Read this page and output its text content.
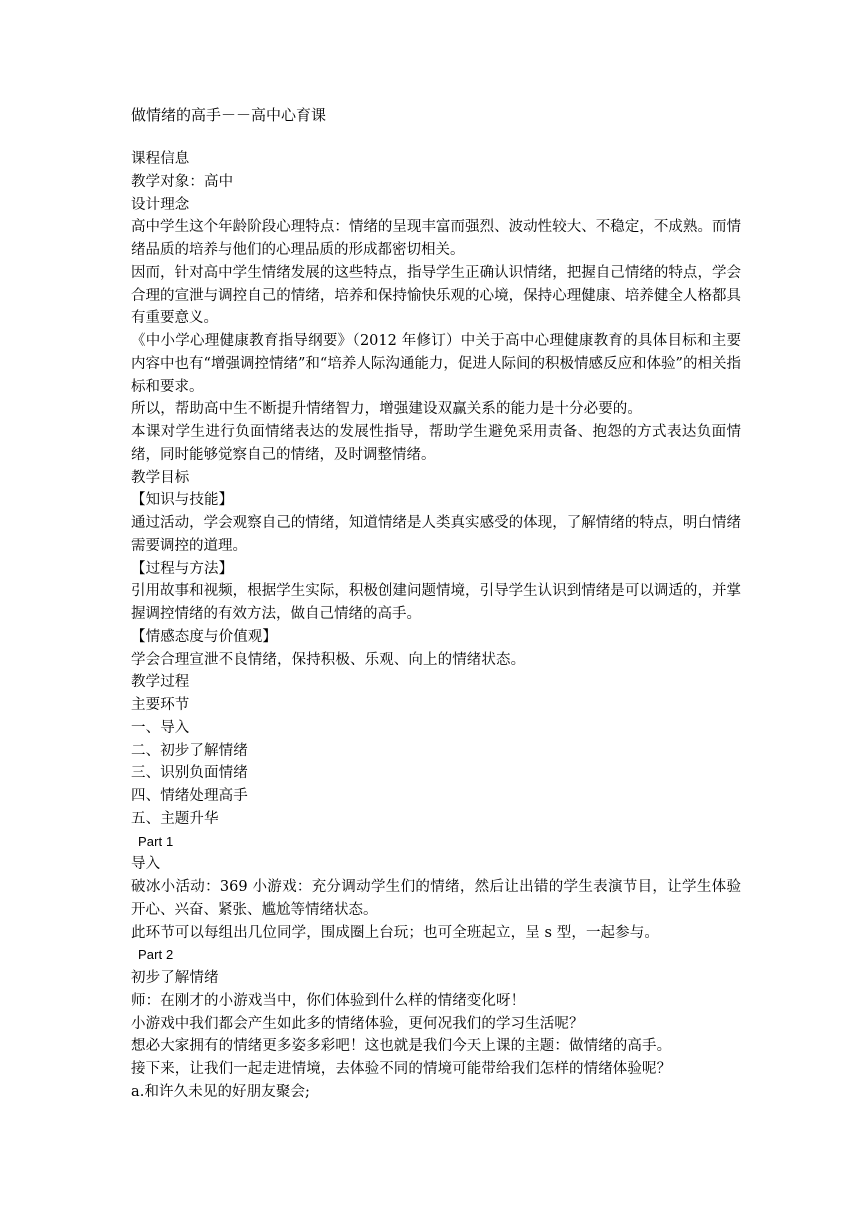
做情绪的高手－－高中心育课
课程信息
教学对象：高中
设计理念
高中学生这个年龄阶段心理特点：情绪的呈现丰富而强烈、波动性较大、不稳定，不成熟。而情绪品质的培养与他们的心理品质的形成都密切相关。
因而，针对高中学生情绪发展的这些特点，指导学生正确认识情绪，把握自己情绪的特点，学会合理的宣泄与调控自己的情绪，培养和保持愉快乐观的心境，保持心理健康、培养健全人格都具有重要意义。
《中小学心理健康教育指导纲要》（2012 年修订）中关于高中心理健康教育的具体目标和主要内容中也有“增强调控情绪”和“培养人际沟通能力，促进人际间的积极情感反应和体验”的相关指标和要求。
所以，帮助高中生不断提升情绪智力，增强建设双赢关系的能力是十分必要的。
本课对学生进行负面情绪表达的发展性指导，帮助学生避免采用责备、抱怨的方式表达负面情绪，同时能够觉察自己的情绪，及时调整情绪。
教学目标
【知识与技能】
通过活动，学会观察自己的情绪，知道情绪是人类真实感受的体现，了解情绪的特点，明白情绪需要调控的道理。
【过程与方法】
引用故事和视频，根据学生实际，积极创建问题情境，引导学生认识到情绪是可以调适的，并掌握调控情绪的有效方法，做自己情绪的高手。
【情感态度与价值观】
学会合理宣泄不良情绪，保持积极、乐观、向上的情绪状态。
教学过程
主要环节
一、导入
二、初步了解情绪
三、识别负面情绪
四、情绪处理高手
五、主题升华
Part 1
导入
破冰小活动：369 小游戏：充分调动学生们的情绪，然后让出错的学生表演节目，让学生体验开心、兴奋、紧张、尴尬等情绪状态。
此环节可以每组出几位同学，围成圈上台玩；也可全班起立，呈 s 型，一起参与。
Part 2
初步了解情绪
师：在刚才的小游戏当中，你们体验到什么样的情绪变化呀！
小游戏中我们都会产生如此多的情绪体验，更何况我们的学习生活呢？
想必大家拥有的情绪更多姿多彩吧！这也就是我们今天上课的主题：做情绪的高手。
接下来，让我们一起走进情境，去体验不同的情境可能带给我们怎样的情绪体验呢？
a.和许久未见的好朋友聚会;
